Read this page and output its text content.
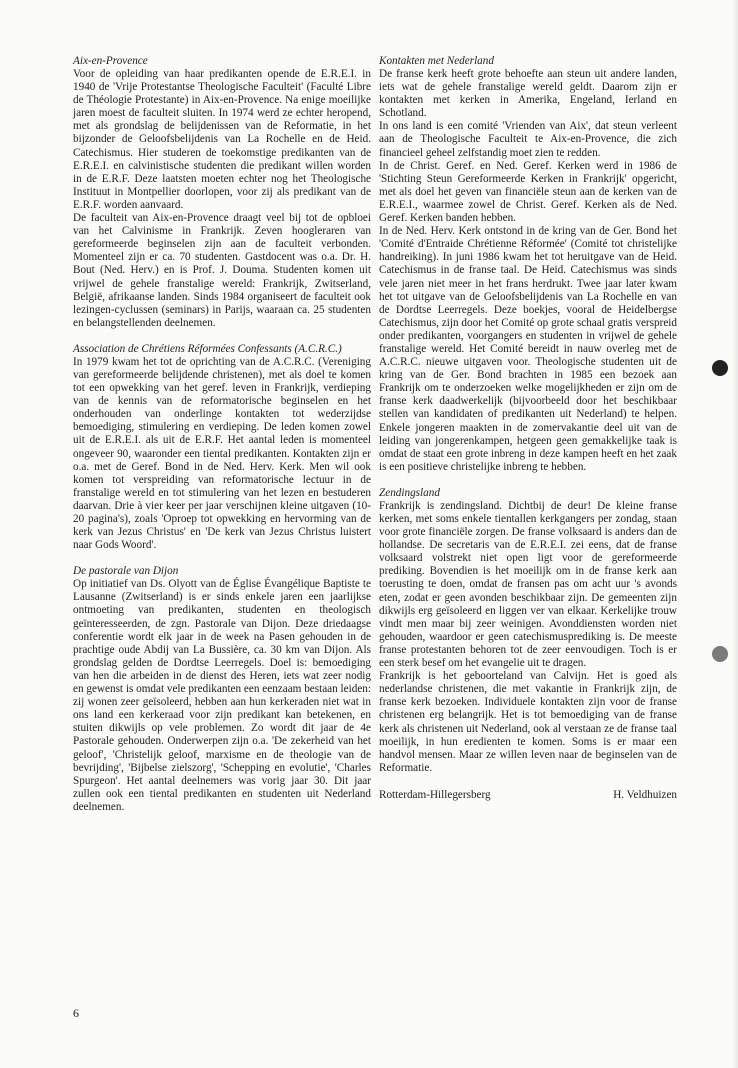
Aix-en-Provence

Voor de opleiding van haar predikanten opende de E.R.E.I. in 1940 de 'Vrije Protestantse Theologische Faculteit' (Faculté Libre de Théologie Protestante) in Aix-en-Provence. Na enige moeilijke jaren moest de faculteit sluiten. In 1974 werd ze echter heropend, met als grondslag de belijdenissen van de Reformatie, in het bijzonder de Geloofsbelijdenis van La Rochelle en de Heid. Catechismus. Hier studeren de toekomstige predikanten van de E.R.E.I. en calvinistische studenten die predikant willen worden in de E.R.F. Deze laatsten moeten echter nog het Theologische Instituut in Montpellier doorlopen, voor zij als predikant van de E.R.F. worden aanvaard.

De faculteit van Aix-en-Provence draagt veel bij tot de opbloei van het Calvinisme in Frankrijk. Zeven hoogleraren van gereformeerde beginselen zijn aan de faculteit verbonden. Momenteel zijn er ca. 70 studenten. Gastdocent was o.a. Dr. H. Bout (Ned. Herv.) en is Prof. J. Douma. Studenten komen uit vrijwel de gehele franstalige wereld: Frankrijk, Zwitserland, België, afrikaanse landen. Sinds 1984 organiseert de faculteit ook lezingen-cyclussen (seminars) in Parijs, waaraan ca. 25 studenten en belangstellenden deelnemen.

Association de Chrétiens Réformées Confessants (A.C.R.C.)

In 1979 kwam het tot de oprichting van de A.C.R.C. (Vereniging van gereformeerde belijdende christenen), met als doel te komen tot een opwekking van het geref. leven in Frankrijk, verdieping van de kennis van de reformatorische beginselen en het onderhouden van onderlinge kontakten tot wederzijdse bemoediging, stimulering en verdieping. De leden komen zowel uit de E.R.E.I. als uit de E.R.F. Het aantal leden is momenteel ongeveer 90, waaronder een tiental predikanten. Kontakten zijn er o.a. met de Geref. Bond in de Ned. Herv. Kerk. Men wil ook komen tot verspreiding van reformatorische lectuur in de franstalige wereld en tot stimulering van het lezen en bestuderen daarvan. Drie à vier keer per jaar verschijnen kleine uitgaven (10-20 pagina's), zoals 'Oproep tot opwekking en hervorming van de kerk van Jezus Christus' en 'De kerk van Jezus Christus luistert naar Gods Woord'.

De pastorale van Dijon

Op initiatief van Ds. Olyott van de Église Évangélique Baptiste te Lausanne (Zwitserland) is er sinds enkele jaren een jaarlijkse ontmoeting van predikanten, studenten en theologisch geïnteresseerden, de zgn. Pastorale van Dijon. Deze driedaagse conferentie wordt elk jaar in de week na Pasen gehouden in de prachtige oude Abdij van La Bussière, ca. 30 km van Dijon. Als grondslag gelden de Dordtse Leerregels. Doel is: bemoediging van hen die arbeiden in de dienst des Heren, iets wat zeer nodig en gewenst is omdat vele predikanten een eenzaam bestaan leiden: zij wonen zeer geïsoleerd, hebben aan hun kerkeraden niet wat in ons land een kerkeraad voor zijn predikant kan betekenen, en stuiten dikwijls op vele problemen. Zo wordt dit jaar de 4e Pastorale gehouden. Onderwerpen zijn o.a. 'De zekerheid van het geloof', 'Christelijk geloof, marxisme en de theologie van de bevrijding', 'Bijbelse zielszorg', 'Schepping en evolutie', 'Charles Spurgeon'. Het aantal deelnemers was vorig jaar 30. Dit jaar zullen ook een tiental predikanten en studenten uit Nederland deelnemen.

Kontakten met Nederland

De franse kerk heeft grote behoefte aan steun uit andere landen, iets wat de gehele franstalige wereld geldt. Daarom zijn er kontakten met kerken in Amerika, Engeland, Ierland en Schotland.

In ons land is een comité 'Vrienden van Aix', dat steun verleent aan de Theologische Faculteit te Aix-en-Provence, die zich financieel geheel zelfstandig moet zien te redden.

In de Christ. Geref. en Ned. Geref. Kerken werd in 1986 de 'Stichting Steun Gereformeerde Kerken in Frankrijk' opgericht, met als doel het geven van financiële steun aan de kerken van de E.R.E.I., waarmee zowel de Christ. Geref. Kerken als de Ned. Geref. Kerken banden hebben.

In de Ned. Herv. Kerk ontstond in de kring van de Ger. Bond het 'Comité d'Entraide Chrétienne Réformée' (Comité tot christelijke handreiking). In juni 1986 kwam het tot heruitgave van de Heid. Catechismus in de franse taal. De Heid. Catechismus was sinds vele jaren niet meer in het frans herdrukt. Twee jaar later kwam het tot uitgave van de Geloofsbelijdenis van La Rochelle en van de Dordtse Leerregels. Deze boekjes, vooral de Heidelbergse Catechismus, zijn door het Comité op grote schaal gratis verspreid onder predikanten, voorgangers en studenten in vrijwel de gehele franstalige wereld. Het Comité bereidt in nauw overleg met de A.C.R.C. nieuwe uitgaven voor. Theologische studenten uit de kring van de Ger. Bond brachten in 1985 een bezoek aan Frankrijk om te onderzoeken welke mogelijkheden er zijn om de franse kerk daadwerkelijk (bijvoorbeeld door het beschikbaar stellen van kandidaten of predikanten uit Nederland) te helpen. Enkele jongeren maakten in de zomervakantie deel uit van de leiding van jongerenkampen, hetgeen geen gemakkelijke taak is omdat de staat een grote inbreng in deze kampen heeft en het zaak is een positieve christelijke inbreng te hebben.

Zendingsland

Frankrijk is zendingsland. Dichtbij de deur! De kleine franse kerken, met soms enkele tientallen kerkgangers per zondag, staan voor grote financiële zorgen. De franse volksaard is anders dan de hollandse. De secretaris van de E.R.E.I. zei eens, dat de franse volksaard volstrekt niet open ligt voor de gereformeerde prediking. Bovendien is het moeilijk om in de franse kerk aan toerusting te doen, omdat de fransen pas om acht uur 's avonds eten, zodat er geen avonden beschikbaar zijn. De gemeenten zijn dikwijls erg geïsoleerd en liggen ver van elkaar. Kerkelijke trouw vindt men maar bij zeer weinigen. Avonddiensten worden niet gehouden, waardoor er geen catechismusprediking is. De meeste franse protestanten behoren tot de zeer eenvoudigen. Toch is er een sterk besef om het evangelie uit te dragen.

Frankrijk is het geboorteland van Calvijn. Het is goed als nederlandse christenen, die met vakantie in Frankrijk zijn, de franse kerk bezoeken. Individuele kontakten zijn voor de franse christenen erg belangrijk. Het is tot bemoediging van de franse kerk als christenen uit Nederland, ook al verstaan ze de franse taal moeilijk, in hun eredienten te komen. Soms is er maar een handvol mensen. Maar ze willen leven naar de beginselen van de Reformatie.

Rotterdam-Hillegersberg	H. Veldhuizen
6
